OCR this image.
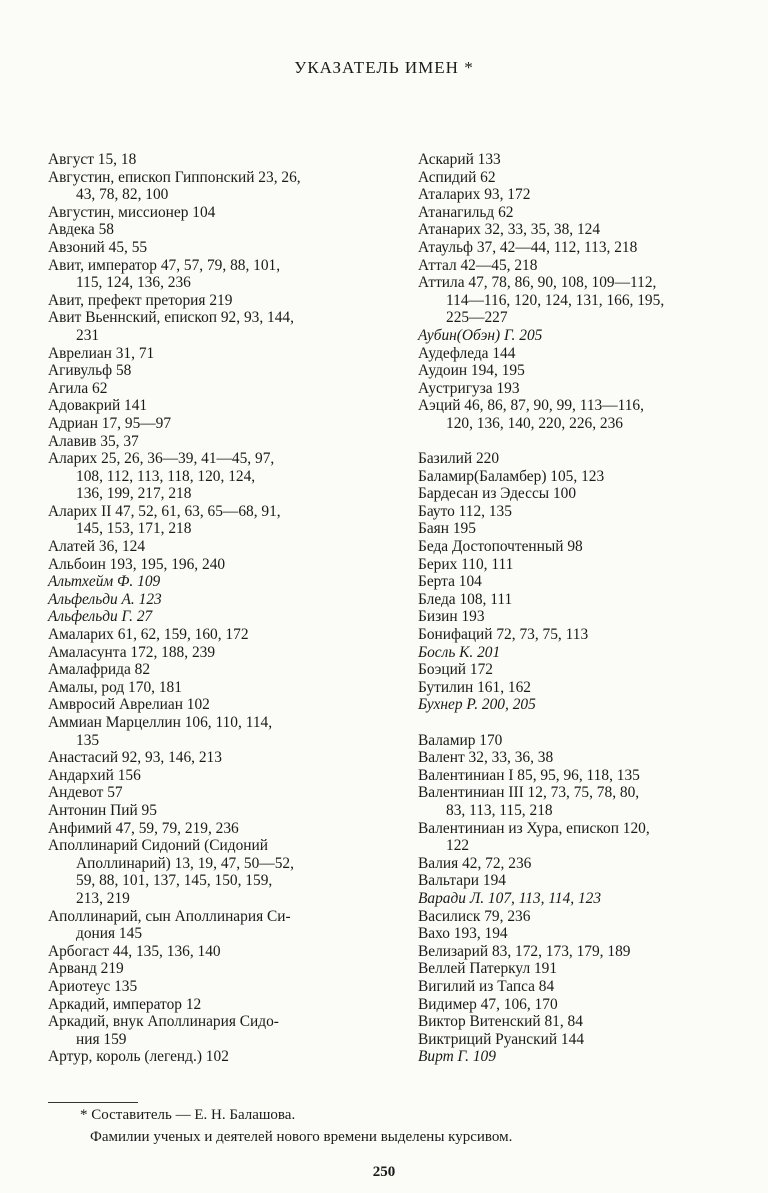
УКАЗАТЕЛЬ ИМЕН *
Август 15, 18
Августин, епископ Гиппонский 23, 26,
43, 78, 82, 100
Августин, миссионер 104
Авдека 58
Авзоний 45, 55
Авит, император 47, 57, 79, 88, 101,
115, 124, 136, 236
Авит, префект претория 219
Авит Вьеннский, епископ 92, 93, 144,
231
Аврелиан 31, 71
Агивульф 58
Агила 62
Адовакрий 141
Адриан 17, 95—97
Алавив 35, 37
Аларих 25, 26, 36—39, 41—45, 97,
108, 112, 113, 118, 120, 124,
136, 199, 217, 218
Аларих II 47, 52, 61, 63, 65—68, 91,
145, 153, 171, 218
Алатей 36, 124
Альбоин 193, 195, 196, 240
Альтхейм Ф. 109
Альфельди А. 123
Альфельди Г. 27
Амаларих 61, 62, 159, 160, 172
Амаласунта 172, 188, 239
Амалафрида 82
Амалы, род 170, 181
Амвросий Аврелиан 102
Аммиан Марцеллин 106, 110, 114,
135
Анастасий 92, 93, 146, 213
Андархий 156
Андевот 57
Антонин Пий 95
Анфимий 47, 59, 79, 219, 236
Аполлинарий Сидоний (Сидоний
Аполлинарий) 13, 19, 47, 50—52,
59, 88, 101, 137, 145, 150, 159,
213, 219
Аполлинарий, сын Аполлинария Си-
дония 145
Арбогаст 44, 135, 136, 140
Арванд 219
Ариотеус 135
Аркадий, император 12
Аркадий, внук Аполлинария Сидо-
ния 159
Артур, король (легенд.) 102
Аскарий 133
Аспидий 62
Аталарих 93, 172
Атанагильд 62
Атанарих 32, 33, 35, 38, 124
Атаульф 37, 42—44, 112, 113, 218
Аттал 42—45, 218
Аттила 47, 78, 86, 90, 108, 109—112,
114—116, 120, 124, 131, 166, 195,
225—227
Аубин(Обэн) Г. 205
Аудефледа 144
Аудоин 194, 195
Аустригуза 193
Аэций 46, 86, 87, 90, 99, 113—116,
120, 136, 140, 220, 226, 236
Базилий 220
Баламир(Баламбер) 105, 123
Бардесан из Эдессы 100
Бауто 112, 135
Баян 195
Беда Достопочтенный 98
Берих 110, 111
Берта 104
Бледа 108, 111
Бизин 193
Бонифаций 72, 73, 75, 113
Босль К. 201
Боэций 172
Бутилин 161, 162
Бухнер Р. 200, 205
Валамир 170
Валент 32, 33, 36, 38
Валентиниан I 85, 95, 96, 118, 135
Валентиниан III 12, 73, 75, 78, 80,
83, 113, 115, 218
Валентиниан из Хура, епископ 120,
122
Валия 42, 72, 236
Вальтари 194
Варади Л. 107, 113, 114, 123
Василиск 79, 236
Вахо 193, 194
Велизарий 83, 172, 173, 179, 189
Веллей Патеркул 191
Вигилий из Тапса 84
Видимер 47, 106, 170
Виктор Витенский 81, 84
Виктриций Руанский 144
Вирт Г. 109
* Составитель — Е. Н. Балашова.
Фамилии ученых и деятелей нового времени выделены курсивом.
250
